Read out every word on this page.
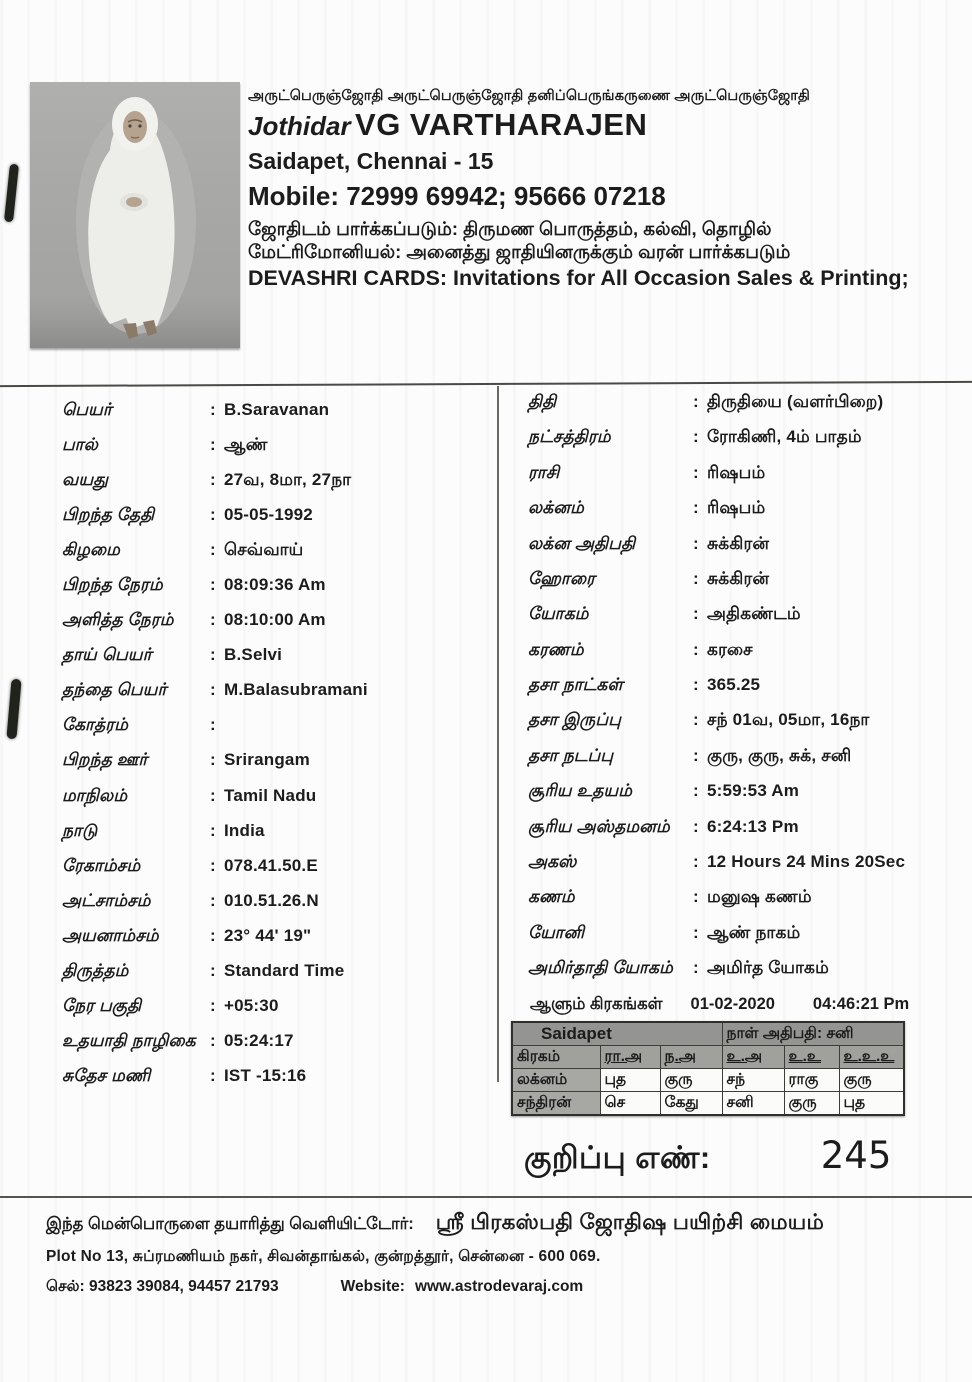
அருட்பெருஞ்ஜோதி அருட்பெருஞ்ஜோதி தனிப்பெருங்கருணை அருட்பெருஞ்ஜோதி
Jothidar VG VARTHARAJEN
Saidapet, Chennai - 15
Mobile: 72999 69942; 95666 07218
ஜோதிடம் பார்க்கப்படும்: திருமண பொருத்தம், கல்வி, தொழில்
மேட்ரிமோனியல்: அனைத்து ஜாதியினருக்கும் வரன் பார்க்கபடும்
DEVASHRI CARDS: Invitations for All Occasion Sales & Printing;
பெயர்	: B.Saravanan
பால்	: ஆண்
வயது	: 27வ, 8மா, 27நா
பிறந்த தேதி	: 05-05-1992
கிழமை	: செவ்வாய்
பிறந்த நேரம்	: 08:09:36 Am
அளித்த நேரம்	: 08:10:00 Am
தாய் பெயர்	: B.Selvi
தந்தை பெயர்	: M.Balasubramani
கோத்ரம்	:
பிறந்த ஊர்	: Srirangam
மாநிலம்	: Tamil Nadu
நாடு	: India
ரேகாம்சம்	: 078.41.50.E
அட்சாம்சம்	: 010.51.26.N
அயனாம்சம்	: 23° 44' 19"
திருத்தம்	: Standard Time
நேர பகுதி	: +05:30
உதயாதி நாழிகை : 05:24:17
சுதேச மணி	: IST -15:16
திதி	: திருதியை (வளர்பிறை)
நட்சத்திரம்	: ரோகிணி, 4ம் பாதம்
ராசி	: ரிஷபம்
லக்னம்	: ரிஷபம்
லக்ன அதிபதி	: சுக்கிரன்
ஹோரை	: சுக்கிரன்
யோகம்	: அதிகண்டம்
கரணம்	: கரசை
தசா நாட்கள்	: 365.25
தசா இருப்பு	: சந் 01வ, 05மா, 16நா
தசா நடப்பு	: குரு, குரு, சுக், சனி
சூரிய உதயம்	: 5:59:53 Am
சூரிய அஸ்தமனம்	: 6:24:13 Pm
அகஸ்	: 12 Hours 24 Mins 20Sec
கணம்	: மனுஷ கணம்
யோனி	: ஆண் நாகம்
அமிர்தாதி யோகம்	: அமிர்த யோகம்
ஆளும் கிரகங்கள் 01-02-2020 04:46:21 Pm
Saidapet			நாள் அதிபதி: சனி		
கிரகம்	ரா.அ	ந.அ	உ.அ	உ.உ	உ.உ.உ
லக்னம்	புத	குரு	சந்	ராகு	குரு
சந்திரன்	செ	கேது	சனி	குரு	புத
குறிப்பு எண்:	245
இந்த மென்பொருளை தயாரித்து வெளியிட்டோர்: ஸ்ரீ பிரகஸ்பதி ஜோதிஷ பயிற்சி மையம்
Plot No 13, சுப்ரமணியம் நகர், சிவன்தாங்கல், குன்றத்தூர், சென்னை - 600 069.
செல்: 93823 39084, 94457 21793	Website: www.astrodevaraj.com
